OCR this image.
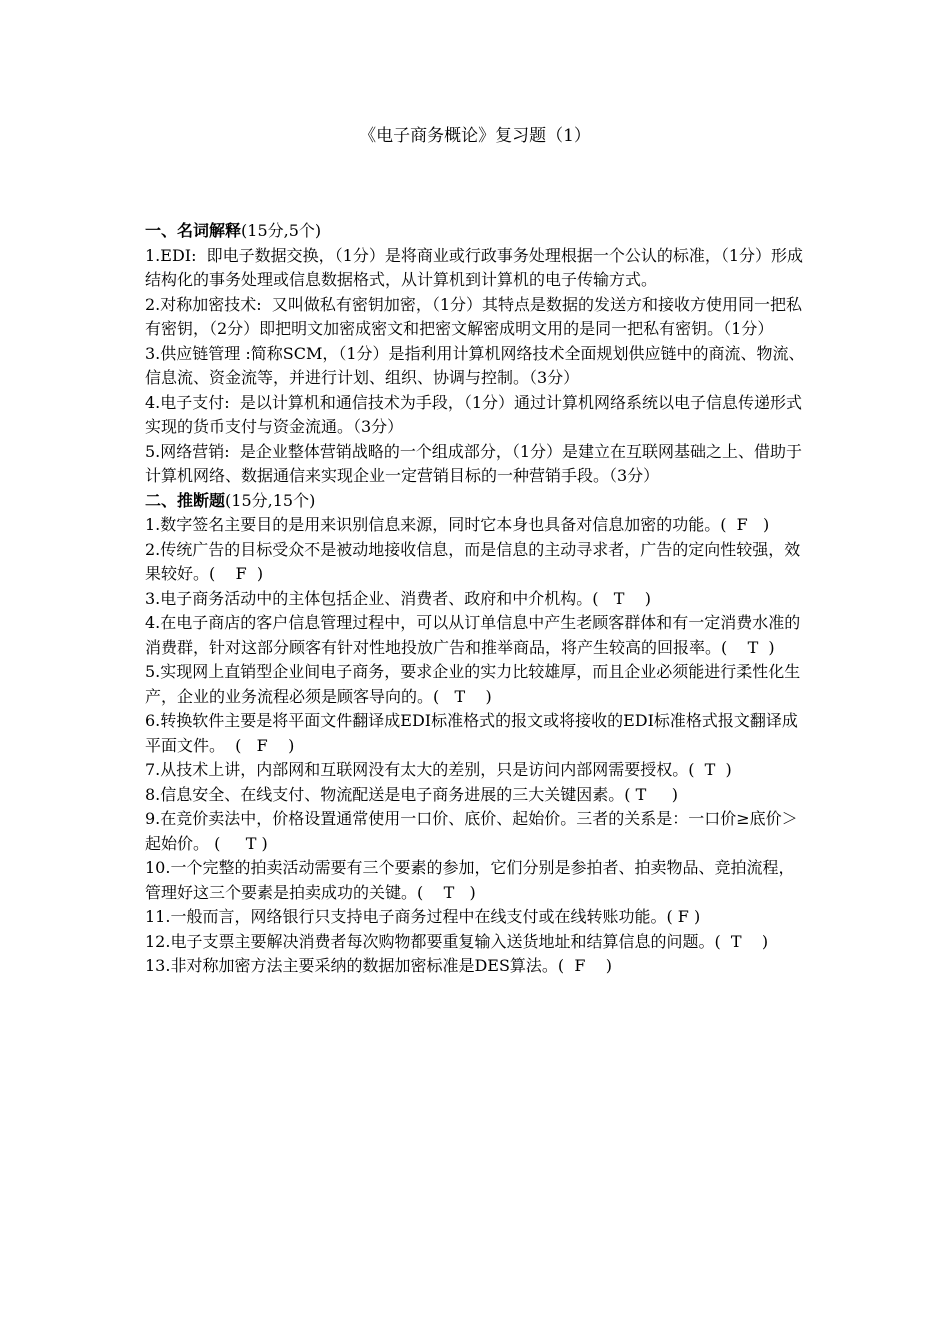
《电子商务概论》复习题（1）
一、名词解释(15分,5个)

1.EDI:  即电子数据交换，（1分）是将商业或行政事务处理根据一个公认的标准，（1分）形成结构化的事务处理或信息数据格式，从计算机到计算机的电子传输方式。

2.对称加密技术:  又叫做私有密钥加密，（1分）其特点是数据的发送方和接收方使用同一把私有密钥，（2分）即把明文加密成密文和把密文解密成明文用的是同一把私有密钥。（1分）

3.供应链管理 :简称SCM，（1分）是指利用计算机网络技术全面规划供应链中的商流、物流、信息流、资金流等，并进行计划、组织、协调与控制。（3分）

4.电子支付:  是以计算机和通信技术为手段，（1分）通过计算机网络系统以电子信息传递形式实现的货币支付与资金流通。（3分）

5.网络营销:  是企业整体营销战略的一个组成部分，（1分）是建立在互联网基础之上、借助于计算机网络、数据通信来实现企业一定营销目标的一种营销手段。（3分）

二、推断题(15分,15个)

1.数字签名主要目的是用来识别信息来源，同时它本身也具备对信息加密的功能。(  F   )

2.传统广告的目标受众不是被动地接收信息，而是信息的主动寻求者，广告的定向性较强，效果较好。(    F  )

3.电子商务活动中的主体包括企业、消费者、政府和中介机构。(   T    )

4.在电子商店的客户信息管理过程中，可以从订单信息中产生老顾客群体和有一定消费水准的消费群，针对这部分顾客有针对性地投放广告和推举商品，将产生较高的回报率。(    T  )

5.实现网上直销型企业间电子商务，要求企业的实力比较雄厚，而且企业必须能进行柔性化生产，企业的业务流程必须是顾客导向的。(   T    )

6.转换软件主要是将平面文件翻译成EDI标准格式的报文或将接收的EDI标准格式报文翻译成平面文件。  (   F    )

7.从技术上讲，内部网和互联网没有太大的差别，只是访问内部网需要授权。(  T  )

8.信息安全、在线支付、物流配送是电子商务进展的三大关键因素。( T     )

9.在竞价卖法中，价格设置通常使用一口价、底价、起始价。三者的关系是：一口价≥底价＞起始价。 (     T )

10.一个完整的拍卖活动需要有三个要素的参加，它们分别是参拍者、拍卖物品、竞拍流程，管理好这三个要素是拍卖成功的关键。(    T   )

11.一般而言，网络银行只支持电子商务过程中在线支付或在线转账功能。( F )

12.电子支票主要解决消费者每次购物都要重复输入送货地址和结算信息的问题。(  T    )

13.非对称加密方法主要采纳的数据加密标准是DES算法。(  F    )
